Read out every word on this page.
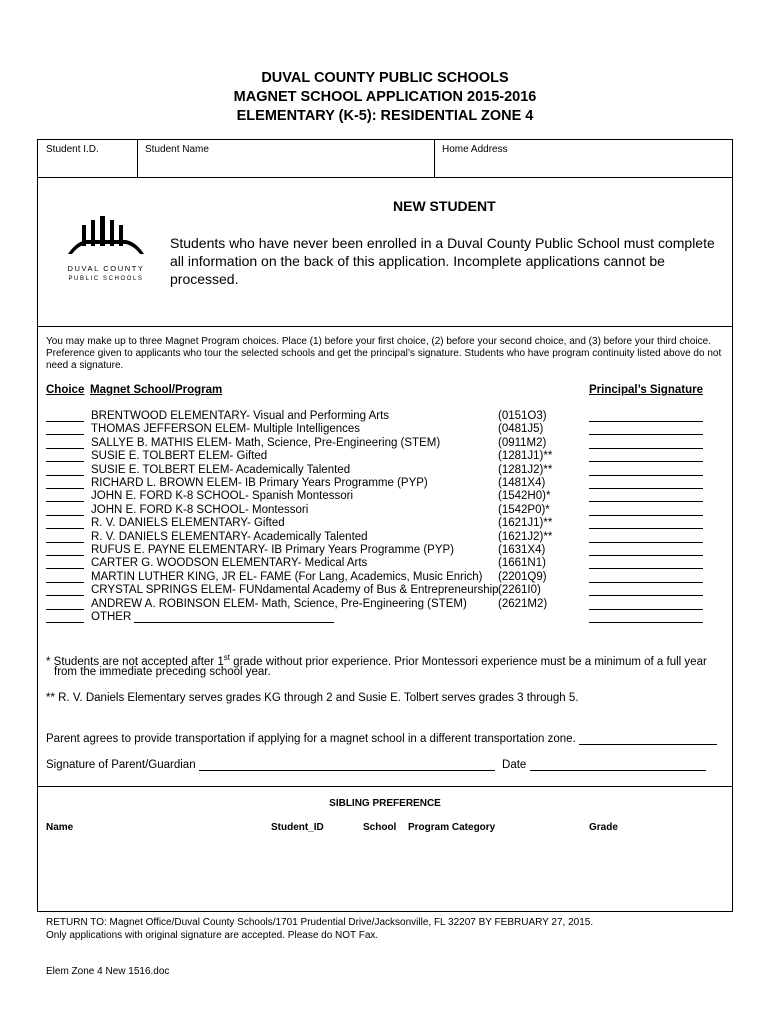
DUVAL COUNTY PUBLIC SCHOOLS
MAGNET SCHOOL APPLICATION 2015-2016
ELEMENTARY (K-5): RESIDENTIAL ZONE 4
Student I.D.	Student Name	Home Address
DUVAL COUNTY
PUBLIC SCHOOLS
NEW STUDENT
Students who have never been enrolled in a Duval County Public School must complete all information on the back of this application. Incomplete applications cannot be processed.
You may make up to three Magnet Program choices. Place (1) before your first choice, (2) before your second choice, and (3) before your third choice. Preference given to applicants who tour the selected schools and get the principal’s signature. Students who have program continuity listed above do not need a signature.
Choice Magnet School/Program	Principal’s Signature
BRENTWOOD ELEMENTARY- Visual and Performing Arts	(0151O3)
THOMAS JEFFERSON ELEM- Multiple Intelligences	(0481J5)
SALLYE B. MATHIS ELEM- Math, Science, Pre-Engineering (STEM)	(0911M2)
SUSIE E. TOLBERT ELEM- Gifted	(1281J1)**
SUSIE E. TOLBERT ELEM- Academically Talented	(1281J2)**
RICHARD L. BROWN ELEM- IB Primary Years Programme (PYP)	(1481X4)
JOHN E. FORD K-8 SCHOOL- Spanish Montessori	(1542H0)*
JOHN E. FORD K-8 SCHOOL- Montessori	(1542P0)*
R. V. DANIELS ELEMENTARY- Gifted	(1621J1)**
R. V. DANIELS ELEMENTARY- Academically Talented	(1621J2)**
RUFUS E. PAYNE ELEMENTARY- IB Primary Years Programme (PYP)	(1631X4)
CARTER G. WOODSON ELEMENTARY- Medical Arts	(1661N1)
MARTIN LUTHER KING, JR EL- FAME (For Lang, Academics, Music Enrich) (2201Q9)
CRYSTAL SPRINGS ELEM- FUNdamental Academy of Bus & Entrepreneurship (2261I0)
ANDREW A. ROBINSON ELEM- Math, Science, Pre-Engineering (STEM)	(2621M2)
OTHER
* Students are not accepted after 1st grade without prior experience. Prior Montessori experience must be a minimum of a full year
from the immediate preceding school year.
** R. V. Daniels Elementary serves grades KG through 2 and Susie E. Tolbert serves grades 3 through 5.
Parent agrees to provide transportation if applying for a magnet school in a different transportation zone.
Signature of Parent/Guardian	Date
SIBLING PREFERENCE
Name	Student_ID	School Program Category	Grade
RETURN TO: Magnet Office/Duval County Schools/1701 Prudential Drive/Jacksonville, FL 32207 BY FEBRUARY 27, 2015.
Only applications with original signature are accepted. Please do NOT Fax.
Elem Zone 4 New 1516.doc
